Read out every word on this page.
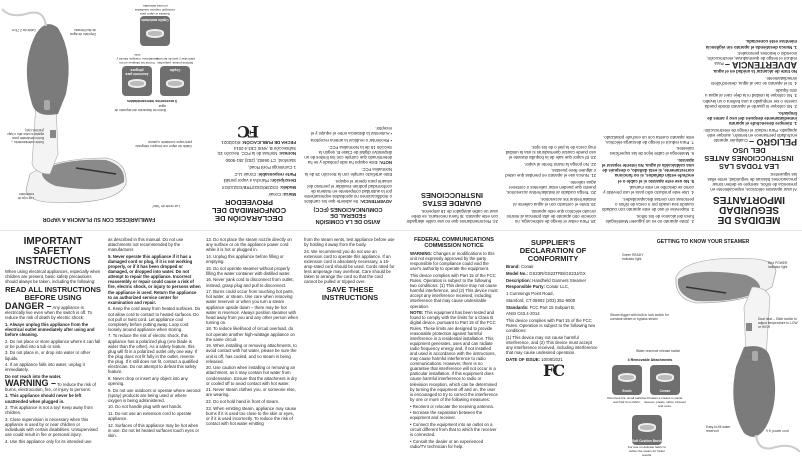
MEDIDAS DE SEGURIDAD IMPORTANTES

Al usar aparatos eléctricos, especialmente en presencia de niños, siempre se deben tomar precauciones básicas de seguridad, entre ellas las siguientes:

LEA TODAS LAS INSTRUCCIONES ANTES DEL USO

PELIGRO – Cualquier aparato enchufado permanece en tensión, aunque esté apagado. Para reducir el riesgo de electrocución:

1. Siempre desenchufe el aparato inmediatamente después del uso y antes de limpiarlo.

2. No coloque ni guarde el aparato donde pueda caerse o ser empujado a una bañera o un lavabo.

3. No coloque la unidad ni la deje caer al agua u otro líquido.

4. Si el aparato se cae al agua, desenchúfelo inmediatamente.

No trate de alcanzar la unidad en el agua.

ADVERTENCIA – Para reducir el riesgo de quemaduras, electrocución, incendio o lesiones personales:

1. Nunca desatienda el aparato sin vigilancia mientras esté conectado.

2. ¡Este aparato no es un juguete! Manténgalo fuera del alcance de los niños.

3. Supervise el uso de este aparato con cuidado cuando sea usado por o cerca de niños o personas con ciertas discapacidades.

4. Use este producto sólo para el uso previsto y como se describe en este manual.

5. No use este aparato si el cable o el enchufe están dañados, si no funciona correctamente, si está dañado, o después de una caída/caída al agua. No intente reparar el aparato.

6. Mantenga el cable lejos de las superficies calientes.

7. Para reducir el riesgo de descarga eléctrica, este aparato cuenta con un enchufe polarizado.

18. Para evitar el riesgo de sobrecarga, no conecte otro aparato de alta potencia al mismo circuito eléctrico que este aparato.

19. Evite el contacto con el agua caliente al instalar/retirar los accesorios.

20. Tenga cuidado al instalar/retirar accesorios, puesto que pueden estar calientes o contener agua caliente.

21. Nunca use el aparato en prendas que usted o alguien lleve puestas.

22. No ponga la mano frente al vapor.

23. El vapor que sale de la boquilla durante el uso puede causar quemaduras si usa la unidad muy cerca de la piel o de los ojos.

24. Recomendamos que no use cable alargador con este aparato. Si fuera necesario, se debe usar un cable alargador de 15 amperios.

GUARDE ESTAS INSTRUCCIONES
AVISO DE LA COMISIÓN FEDERAL DE COMUNICACIONES (FCC)

ADVERTENCIA: Se advierte que los cambios o modificaciones no aprobados expresamente por la autoridad competente en materia de conformidad podrían invalidar el permiso del usuario para operar el equipo.

Este artefacto cumple con la Sección 15 de la Normativa FCC.

NOTA: Este equipo ha sido probado y se ha determinado que cumple con los límites de un dispositivo digital de Clase B, según la Sección 15 de la Normativa FCC.

• Reorientar o reubicar la antena receptora.

• Aumentar la distancia entre el equipo y el receptor.

DECLARACIÓN DE CONFORMIDAD DEL PROVEEDOR

Marca: Conair

Modelo: GS23R/GS23TRB/GS23J/GX

Descripción: Plancha a vapor portátil

Parte responsable: Conair LLC

1 Cummings Point Road,

Stamford, CT 06902, (203) 351-9000

Normas: Normas de la FCC, Sección 15, Subsección B, ANSI C63.4-2014

FECHA DE PUBLICACIÓN: 8/10/2021

FC
FAMILIARÍCESE CON SU PLANCHA A VAPOR
Luz verde de "listo"
Luz roja de encendido
Gatillo de vapor con bloqueo integrado para vapor constante o pausa
Doble calentamiento – Botón deslizable para ajustar a calor alto o bajo (HIGH/LOW)
Botón de liberación del depósito de agua
Depósito de agua de fácil llenado
Cable de 2.75 m
3 accesorios intercambiables
Cepillo
Elimina pelusa, pequeñas partículas y pelo de las telas.
Accesorio para pliegues
Forma los pliegues en los pantalones, mangas, blusas y más.
Cepillo acolchado
Suaviza el vapor para conseguir mejores resultados en telas delicadas.
IMPORTANT SAFETY INSTRUCTIONS

When using electrical appliances, especially when children are present, basic safety precautions should always be taken, including the following:

READ ALL INSTRUCTIONS BEFORE USING

DANGER – Any appliance is electrically live even when the switch is off. To reduce the risk of death by electric shock:

1. Always unplug this appliance from the electrical outlet immediately after using and before cleaning.

2. Do not place or store appliance where it can fall or be pulled into a tub or sink.

3. Do not place in, or drop into water or other liquids.

4. If an appliance falls into water, unplug it immediately.

Do not reach into the water.

WARNING – To reduce the risk of burns, electrocution, fire, or injury to persons:

1. This appliance should never be left unattended when plugged in.

2. This appliance is not a toy! Keep away from children.

3. Close supervision is necessary when this appliance is used by or near children or individuals with certain disabilities. Unsupervised use could result in fire or personal injury.

4. Use this appliance only for its intended use

as described in this manual. Do not use attachments not recommended by the manufacturer.

5. Never operate this appliance if it has a damaged cord or plug, if it is not working properly, or if it has been dropped or damaged, or dropped into water. Do not attempt to repair the appliance. Incorrect reassembly or repair could cause a risk of fire, electric shock, or injury to persons when the appliance is used. Return the appliance to an authorized service center for examination and repair.

6. Keep the cord away from heated surfaces. Do not allow cord to contact to heated surfaces. Do not pull or twist cord. Let appliance cool completely before putting away. Loop cord loosely around appliance when storing.

7. To reduce the risk of electric shock, this appliance has a polarized plug (one blade is wider than the other). As a safety feature, this plug will fit in a polarized outlet only one way. If the plug does not fit fully in the outlet, reverse the plug. If it still does not fit, contact a qualified electrician. Do not attempt to defeat this safety feature.

8. Never drop or insert any object into any opening.

9. Do not use outdoors or operate where aerosol (spray) products are being used or where oxygen is being administered.

10. Do not handle plug with wet hands.

11. Do not use an extension cord to operate appliance.

12. Surfaces of this appliance may be hot when in use. Do not let heated surfaces touch eyes or skin.

13. Do not place the steam nozzle directly on any surface or on the appliance power cord while it is hot or plugged in.

14. Unplug this appliance before filling or emptying.

15. Do not operate steamer without properly filling the water container with distilled water.

16. Never yank cord to disconnect from outlet; instead, grasp plug and pull to disconnect.

17. Burns could occur from touching hot parts, hot water, or steam. Use care when removing water reservoir or when you turn a steam appliance upside down – there may be hot water in reservoir. Always position steamer with head away from you and any other person when turning on.

18. To reduce likelihood of circuit overload, do not operate another high-wattage appliance on the same circuit.

19. When installing or removing attachments, to avoid contact with hot water, please be sure the unit is off, has cooled, and no steam is being released.

20. Use caution when installing or removing an attachment, as it may contain hot water from condensation. Ensure that the attachment is dry or cooled off to avoid contact with hot water.

21. Never steam clothes you, or someone else, are wearing.

22. Do not hold hand in front of steam.

23. When emitting steam, appliance may cause burns if it is used too close to the skin or eyes, or if it is used incorrectly. To reduce the risk of contact with hot water emitting

from the steam vents, test appliance before use by holding it away from the body.

24. We recommend you do not use an extension cord to operate this appliance. If an extension cord is absolutely necessary, a 15-amp-rated cord should be used. Cords rated for less amperage may overheat. Care should be taken to arrange the cord so that the cord cannot be pulled or tripped over.

SAVE THESE INSTRUCTIONS
FEDERAL COMMUNICATIONS COMMISSION NOTICE

WARNING: Changes or modifications to this unit not expressly approved by the party responsible for compliance could void the user's authority to operate the equipment.

This device complies with Part 15 of the FCC Rules. Operation is subject to the following two conditions: (1) This device may not cause harmful interference, and (2) This device must accept any interference received, including interference that may cause undesirable operation.

NOTE: This equipment has been tested and found to comply with the limits for a Class B digital device, pursuant to Part 15 of the FCC Rules. These limits are designed to provide reasonable protection against harmful interference in a residential installation. This equipment generates, uses and can radiate radio frequency energy and, if not installed and used in accordance with the instructions, may cause harmful interference to radio communications. However, there is no guarantee that interference will not occur in a particular installation. If this equipment does cause harmful interference to radio or television reception, which can be determined by turning the equipment off and on, the user is encouraged to try to correct the interference by one or more of the following measures:

• Reorient or relocate the receiving antenna.

• Increase the separation between the equipment and receiver.

• Connect the equipment into an outlet on a circuit different from that to which the receiver is connected.

• Consult the dealer or an experienced radio/TV technician for help.

SUPPLIER'S DECLARATION OF CONFORMITY

Brand: Conair

Model No.: GS23R/GS23TRB/GS23J/GX

Description: Handheld Garment Steamer

Responsible Party: Conair LLC,

1 Cummings Point Road,

Stamford, CT 06902 (203) 351-9000

Standards: FCC Part 15 Subpart B,

ANSI C63.4-2014

This device complies with Part 15 of the FCC Rules. Operation is subject to the following two conditions:

(1) This device may not cause harmful interference, and (2) This device must accept any interference received, including interference that may cause undesired operation.

DATE OF ISSUE: 10/08/2021

FC
GETTING TO KNOW YOUR STEAMER
Green READY indicator light
Red POWER indicator light
Steam trigger with built-in lock switch for constant steam or bypass steam	Dual heat – Slide switch to adjust temperature to LOW or HIGH
Water reservoir release switch
Easy-to-fill water reservoir	9 ft. power cord
3 Removable Attachments
Brush
Removes lint, small particles and hair from fabric.
Crease
Creates a crease in pants, sleeves, pleats, skirts, blouses and more.
Soft Cushion Brush
For use on delicate fabric to soften the steam for better results.
